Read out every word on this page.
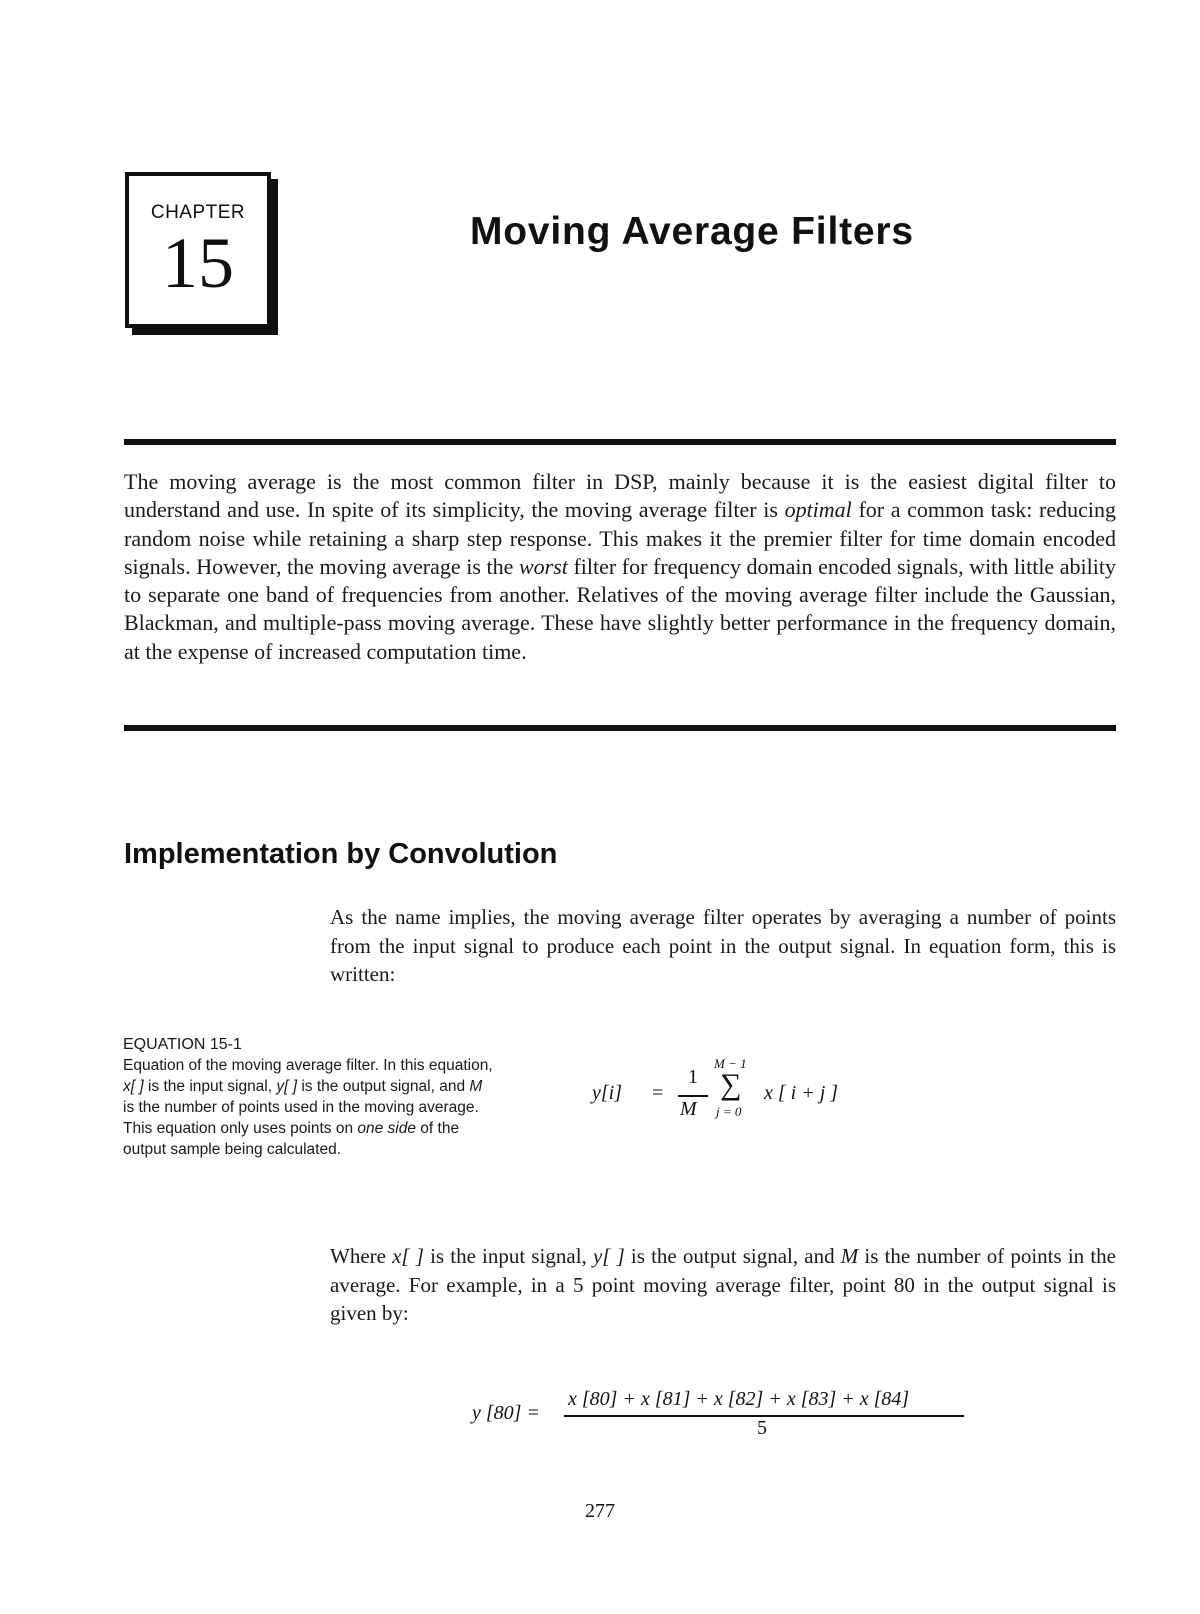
CHAPTER
15	Moving Average Filters

The moving average is the most common filter in DSP, mainly because it is the easiest digital filter to understand and use. In spite of its simplicity, the moving average filter is optimal for a common task: reducing random noise while retaining a sharp step response. This makes it the premier filter for time domain encoded signals. However, the moving average is the worst filter for frequency domain encoded signals, with little ability to separate one band of frequencies from another. Relatives of the moving average filter include the Gaussian, Blackman, and multiple-pass moving average. These have slightly better performance in the frequency domain, at the expense of increased computation time.

Implementation by Convolution

As the name implies, the moving average filter operates by averaging a number of points from the input signal to produce each point in the output signal. In equation form, this is written:

EQUATION 15-1
Equation of the moving average filter. In this equation, x[ ] is the input signal, y[ ] is the output signal, and M is the number of points used in the moving average. This equation only uses points on one side of the output sample being calculated.
y[i] =
1
M
M − 1
∑
j = 0
x [ i + j ]

Where x[ ] is the input signal, y[ ] is the output signal, and M is the number of points in the average. For example, in a 5 point moving average filter, point 80 in the output signal is given by:

y [80] =
x [80] + x [81] + x [82] + x [83] + x [84]
5
277
